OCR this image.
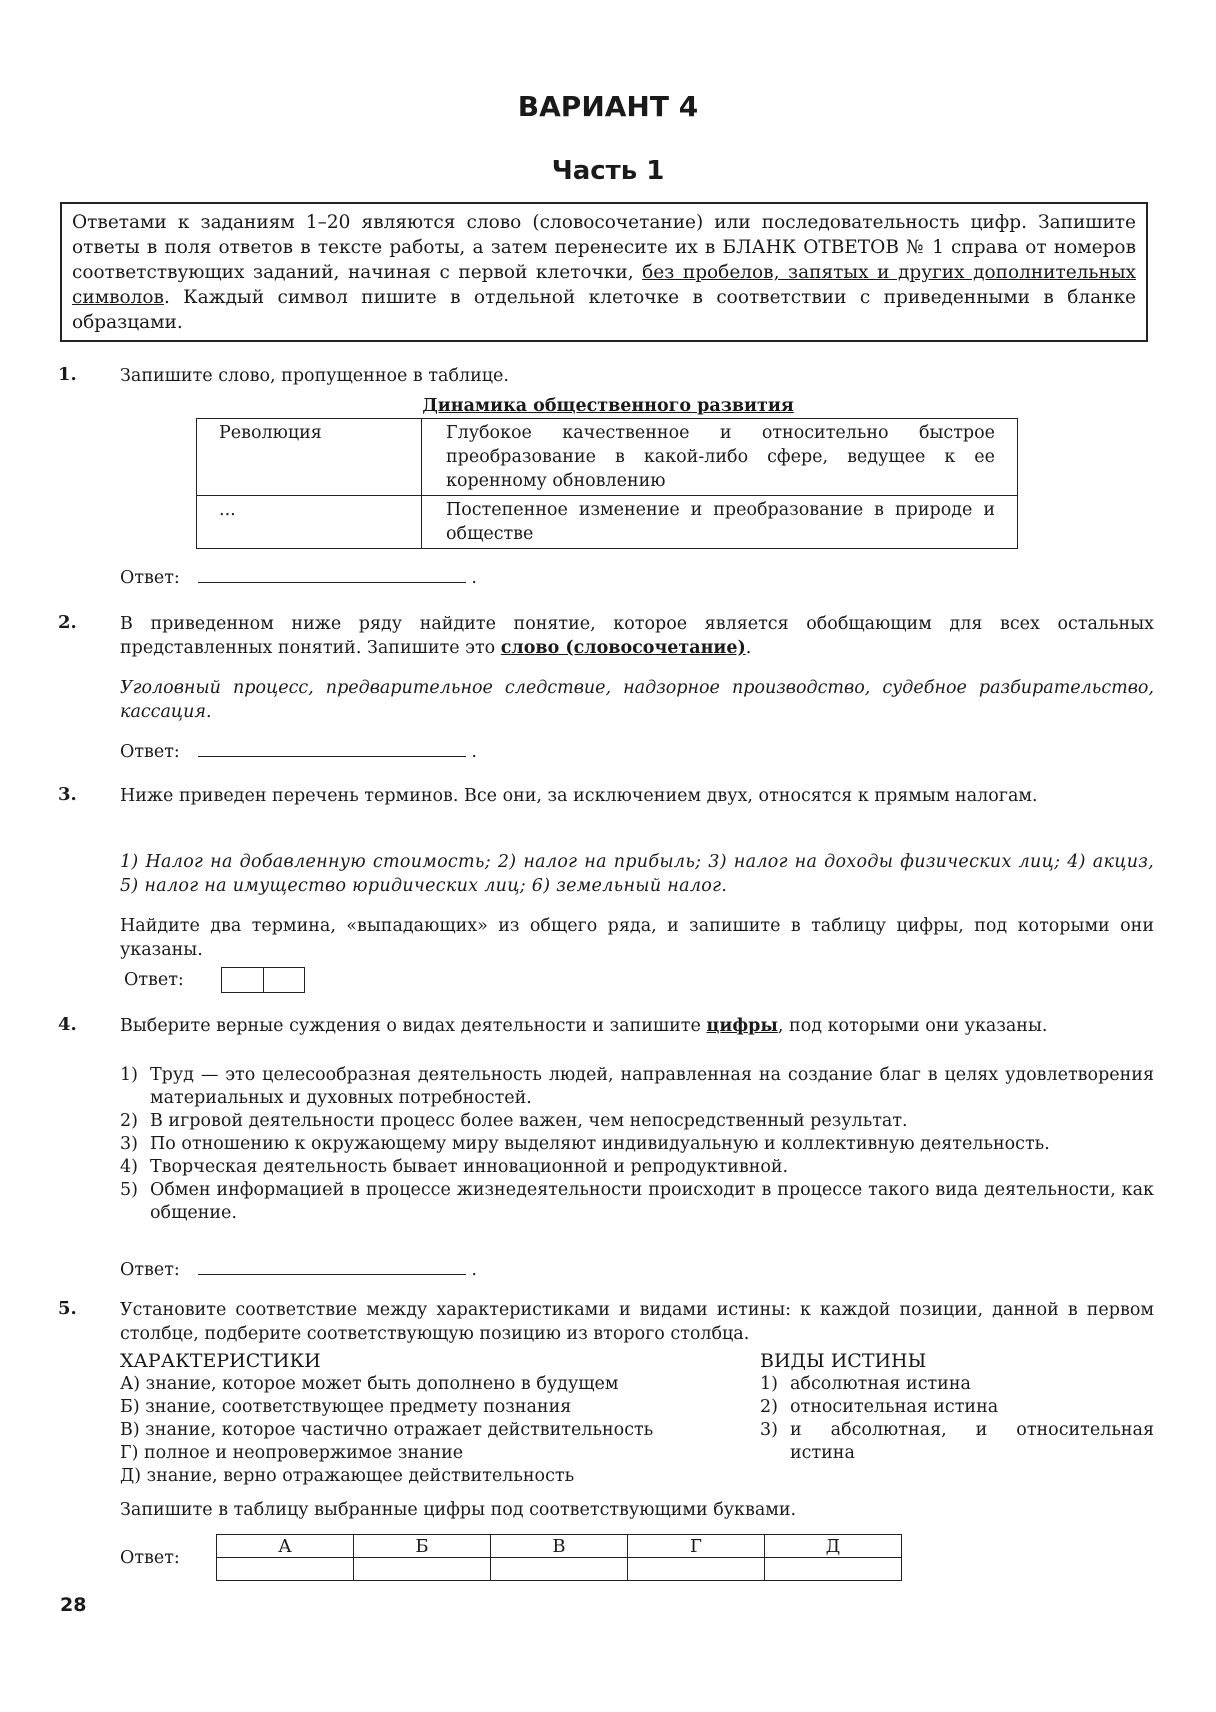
ВАРИАНТ 4
Часть 1
Ответами к заданиям 1–20 являются слово (словосочетание) или последовательность цифр. Запишите ответы в поля ответов в тексте работы, а затем перенесите их в БЛАНК ОТВЕТОВ № 1 справа от номеров соответствующих заданий, начиная с первой клеточки, без пробелов, запятых и других дополнительных символов. Каждый символ пишите в отдельной клеточке в соответствии с приведенными в бланке образцами.
1. Запишите слово, пропущенное в таблице.
Динамика общественного развития
Революция	Глубокое качественное и относительно быстрое преобразование в какой-либо сфере, ведущее к ее коренному обновлению
...	Постепенное изменение и преобразование в природе и обществе
Ответ:	.
2. В приведенном ниже ряду найдите понятие, которое является обобщающим для всех остальных представленных понятий. Запишите это слово (словосочетание).
Уголовный процесс, предварительное следствие, надзорное производство, судебное разбирательство, кассация.
Ответ:	.
3. Ниже приведен перечень терминов. Все они, за исключением двух, относятся к прямым налогам.
1) Налог на добавленную стоимость; 2) налог на прибыль; 3) налог на доходы физических лиц; 4) акциз, 5) налог на имущество юридических лиц; 6) земельный налог.
Найдите два термина, «выпадающих» из общего ряда, и запишите в таблицу цифры, под которыми они указаны.
Ответ:
4. Выберите верные суждения о видах деятельности и запишите цифры, под которыми они указаны.
1) Труд — это целесообразная деятельность людей, направленная на создание благ в целях удовлетворения материальных и духовных потребностей.
2) В игровой деятельности процесс более важен, чем непосредственный результат.
3) По отношению к окружающему миру выделяют индивидуальную и коллективную деятельность.
4) Творческая деятельность бывает инновационной и репродуктивной.
5) Обмен информацией в процессе жизнедеятельности происходит в процессе такого вида деятельности, как общение.
Ответ:	.
5. Установите соответствие между характеристиками и видами истины: к каждой позиции, данной в первом столбце, подберите соответствующую позицию из второго столбца.
ХАРАКТЕРИСТИКИ
А) знание, которое может быть дополнено в будущем
Б) знание, соответствующее предмету познания
В) знание, которое частично отражает действительность
Г) полное и неопровержимое знание
Д) знание, верно отражающее действительность
ВИДЫ ИСТИНЫ
1) абсолютная истина
2) относительная истина
3) и абсолютная, и относительная истина
Запишите в таблицу выбранные цифры под соответствующими буквами.
Ответ:
А	Б	В	Г	Д

28
